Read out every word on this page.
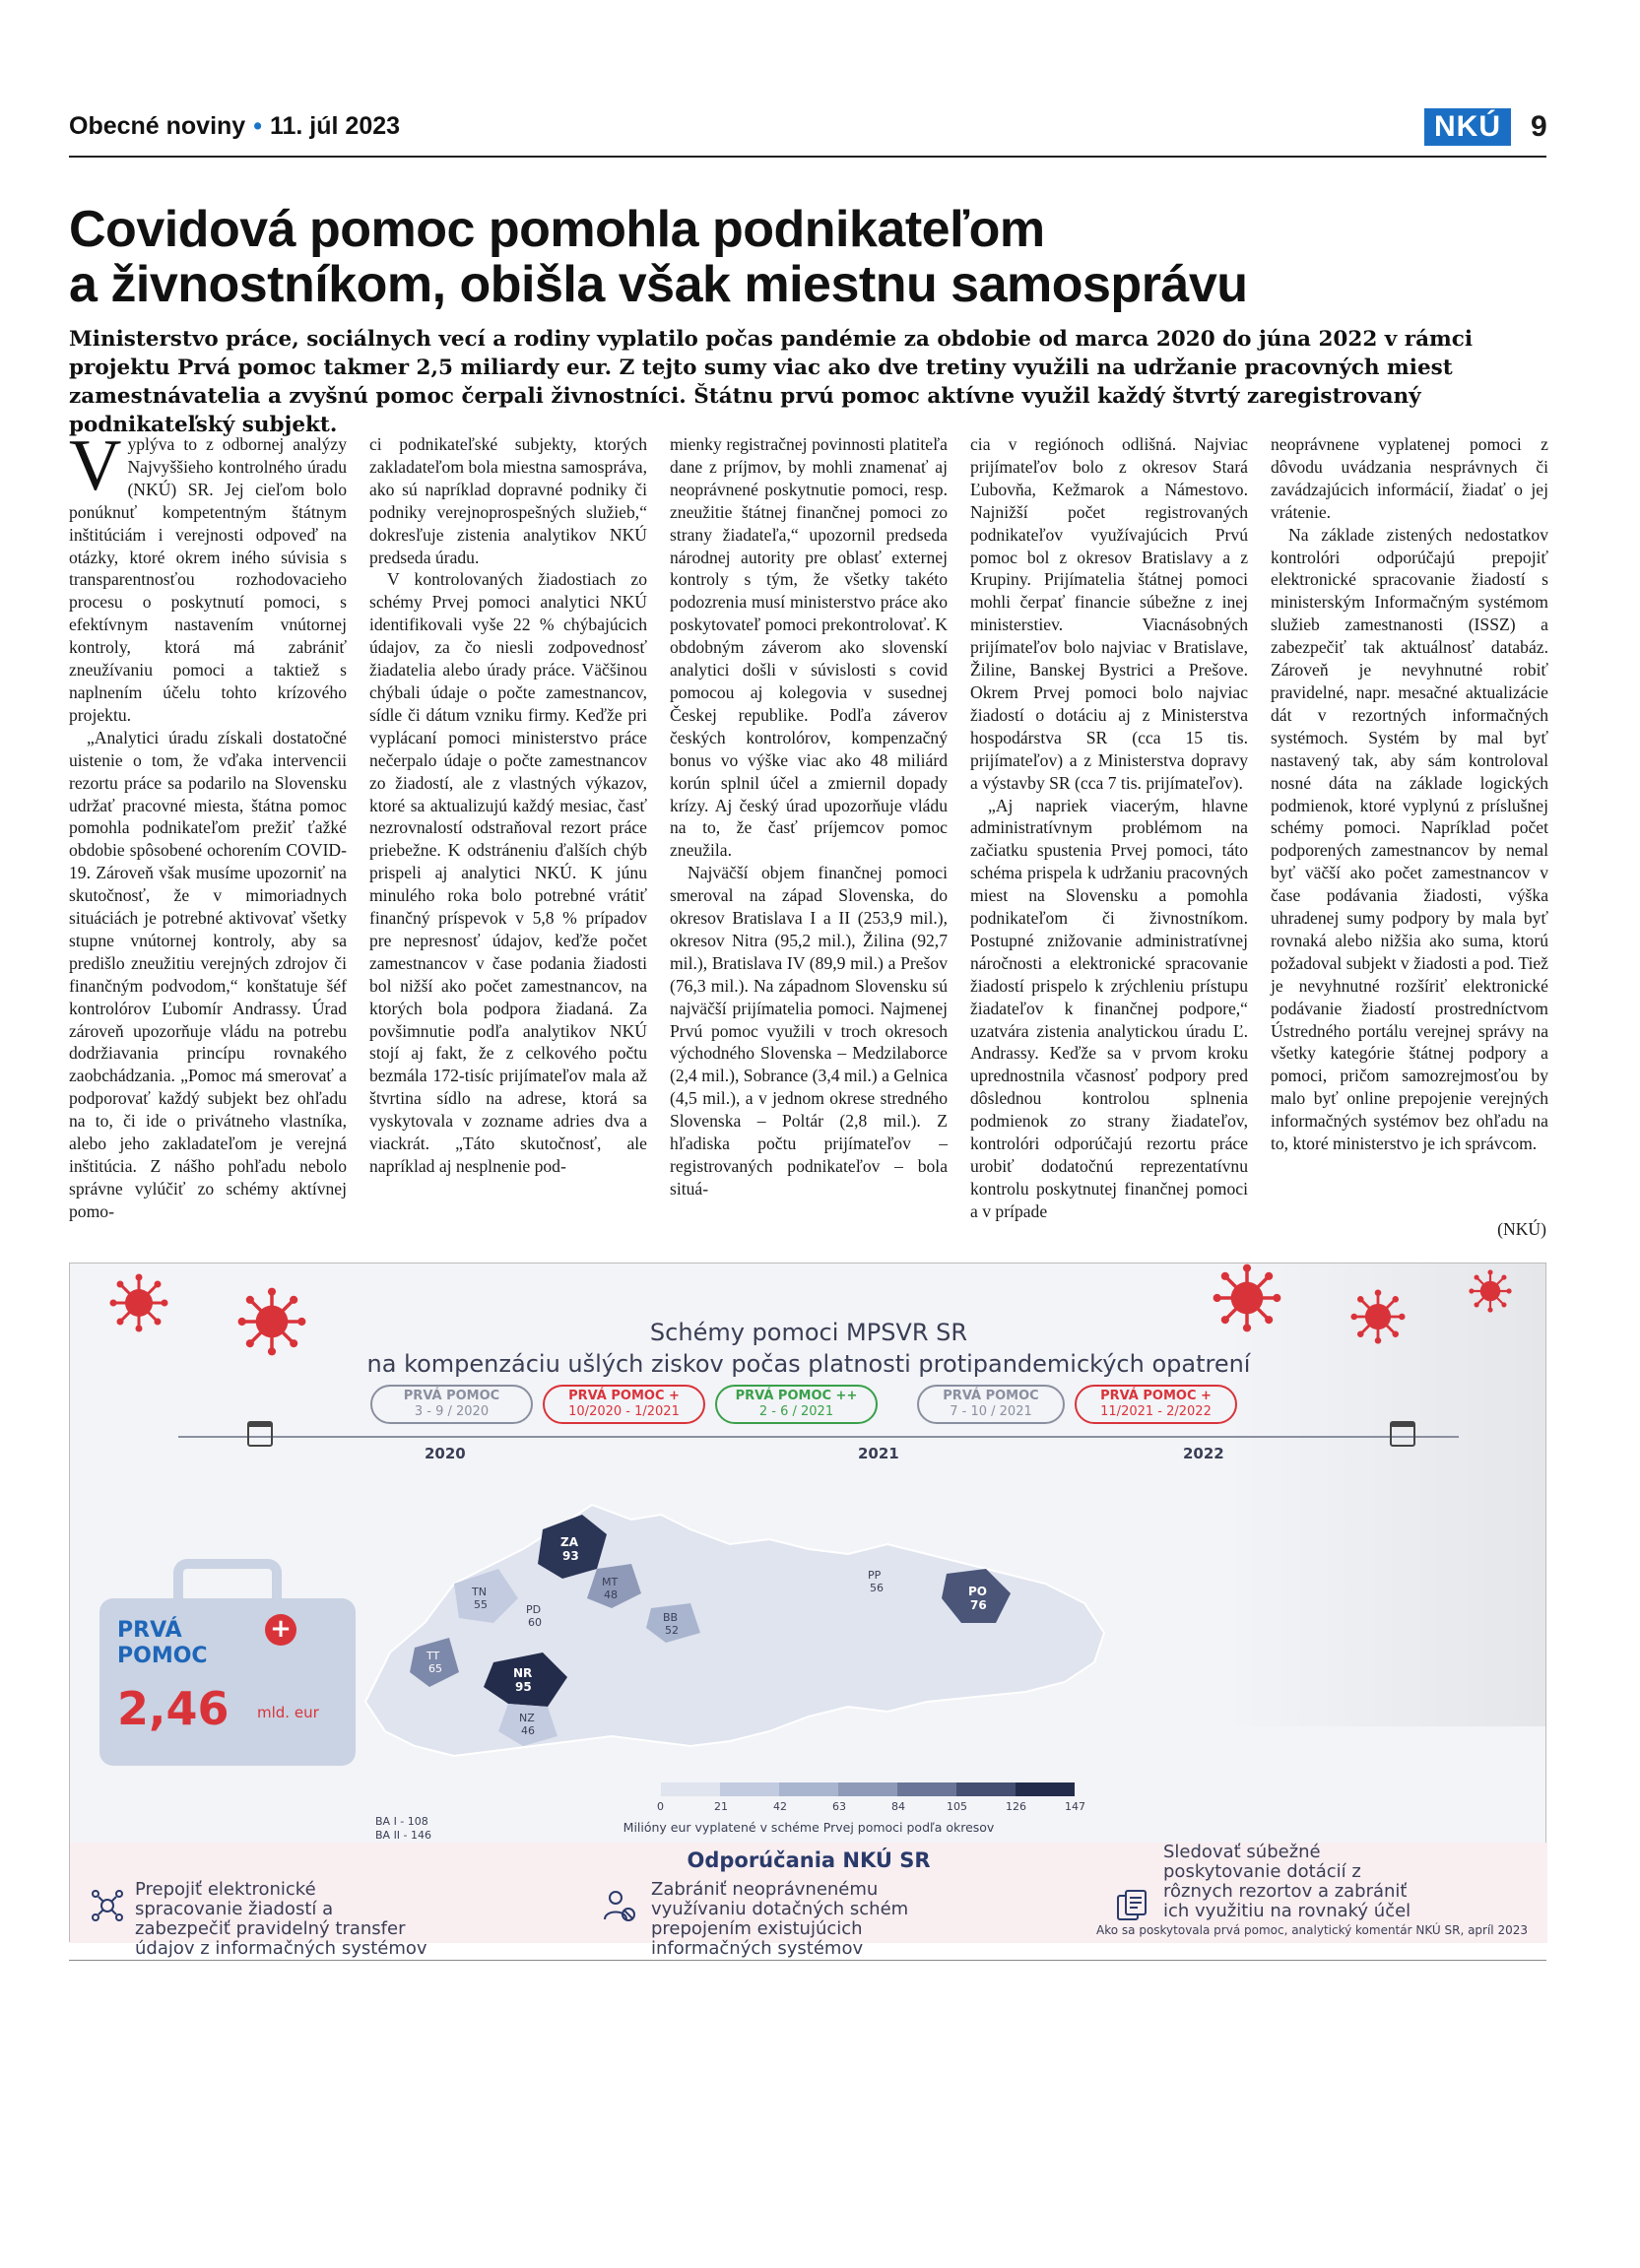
Obecné noviny • 11. júl 2023	NKÚ	9
Covidová pomoc pomohla podnikateľom
a živnostníkom, obišla však miestnu samosprávu
Ministerstvo práce, sociálnych vecí a rodiny vyplatilo počas pandémie za obdobie od marca 2020 do júna 2022 v rámci projektu Prvá pomoc takmer 2,5 miliardy eur. Z tejto sumy viac ako dve tretiny využili na udržanie pracovných miest zamestnávatelia a zvyšnú pomoc čerpali živnostníci. Štátnu prvú pomoc aktívne využil každý štvrtý zaregistrovaný podnikateľský subjekt.

Vyplýva to z odbornej analýzy Najvyššieho kontrolného úradu (NKÚ) SR. Jej cieľom bolo ponúknuť kompetentným štátnym inštitúciám i verejnosti odpoveď na otázky, ktoré okrem iného súvisia s transparentnosťou rozhodovacieho procesu o poskytnutí pomoci, s efektívnym nastavením vnútornej kontroly, ktorá má zabrániť zneužívaniu pomoci a taktiež s naplnením účelu tohto krízového projektu.

„Analytici úradu získali dostatočné uistenie o tom, že vďaka intervencii rezortu práce sa podarilo na Slovensku udržať pracovné miesta, štátna pomoc pomohla podnikateľom prežiť ťažké obdobie spôsobené ochorením COVID-19. Zároveň však musíme upozorniť na skutočnosť, že v mimoriadnych situáciách je potrebné aktivovať všetky stupne vnútornej kontroly, aby sa predišlo zneužitiu verejných zdrojov či finančným podvodom,“ konštatuje šéf kontrolórov Ľubomír Andrassy. Úrad zároveň upozorňuje vládu na potrebu dodržiavania princípu rovnakého zaobchádzania. „Pomoc má smerovať a podporovať každý subjekt bez ohľadu na to, či ide o privátneho vlastníka, alebo jeho zakladateľom je verejná inštitúcia. Z nášho pohľadu nebolo správne vylúčiť zo schémy aktívnej pomo-

ci podnikateľské subjekty, ktorých zakladateľom bola miestna samospráva, ako sú napríklad dopravné podniky či podniky verejnoprospešných služieb,“ dokresľuje zistenia analytikov NKÚ predseda úradu.

V kontrolovaných žiadostiach zo schémy Prvej pomoci analytici NKÚ identifikovali vyše 22 % chýbajúcich údajov, za čo niesli zodpovednosť žiadatelia alebo úrady práce. Väčšinou chýbali údaje o počte zamestnancov, sídle či dátum vzniku firmy. Keďže pri vyplácaní pomoci ministerstvo práce nečerpalo údaje o počte zamestnancov zo žiadostí, ale z vlastných výkazov, ktoré sa aktualizujú každý mesiac, časť nezrovnalostí odstraňoval rezort práce priebežne. K odstráneniu ďalších chýb prispeli aj analytici NKÚ. K júnu minulého roka bolo potrebné vrátiť finančný príspevok v 5,8 % prípadov pre nepresnosť údajov, keďže počet zamestnancov v čase podania žiadosti bol nižší ako počet zamestnancov, na ktorých bola podpora žiadaná. Za povšimnutie podľa analytikov NKÚ stojí aj fakt, že z celkového počtu bezmála 172-tisíc prijímateľov mala až štvrtina sídlo na adrese, ktorá sa vyskytovala v zozname adries dva a viackrát. „Táto skutočnosť, ale napríklad aj nesplnenie pod-

mienky registračnej povinnosti platiteľa dane z príjmov, by mohli znamenať aj neoprávnené poskytnutie pomoci, resp. zneužitie štátnej finančnej pomoci zo strany žiadateľa,“ upozornil predseda národnej autority pre oblasť externej kontroly s tým, že všetky takéto podozrenia musí ministerstvo práce ako poskytovateľ pomoci prekontrolovať. K obdobným záverom ako slovenskí analytici došli v súvislosti s covid pomocou aj kolegovia v susednej Českej republike. Podľa záverov českých kontrolórov, kompenzačný bonus vo výške viac ako 48 miliárd korún splnil účel a zmiernil dopady krízy. Aj český úrad upozorňuje vládu na to, že časť príjemcov pomoc zneužila.

Najväčší objem finančnej pomoci smeroval na západ Slovenska, do okresov Bratislava I a II (253,9 mil.), okresov Nitra (95,2 mil.), Žilina (92,7 mil.), Bratislava IV (89,9 mil.) a Prešov (76,3 mil.). Na západnom Slovensku sú najväčší prijímatelia pomoci. Najmenej Prvú pomoc využili v troch okresoch východného Slovenska – Medzilaborce (2,4 mil.), Sobrance (3,4 mil.) a Gelnica (4,5 mil.), a v jednom okrese stredného Slovenska – Poltár (2,8 mil.). Z hľadiska počtu prijímateľov – registrovaných podnikateľov – bola situá-

cia v regiónoch odlišná. Najviac prijímateľov bolo z okresov Stará Ľubovňa, Kežmarok a Námestovo. Najnižší počet registrovaných podnikateľov využívajúcich Prvú pomoc bol z okresov Bratislavy a z Krupiny. Prijímatelia štátnej pomoci mohli čerpať financie súbežne z inej ministerstiev. Viacnásobných prijímateľov bolo najviac v Bratislave, Žiline, Banskej Bystrici a Prešove. Okrem Prvej pomoci bolo najviac žiadostí o dotáciu aj z Ministerstva hospodárstva SR (cca 15 tis. prijímateľov) a z Ministerstva dopravy a výstavby SR (cca 7 tis. prijímateľov).

„Aj napriek viacerým, hlavne administratívnym problémom na začiatku spustenia Prvej pomoci, táto schéma prispela k udržaniu pracovných miest na Slovensku a pomohla podnikateľom či živnostníkom. Postupné znižovanie administratívnej náročnosti a elektronické spracovanie žiadostí prispelo k zrýchleniu prístupu žiadateľov k finančnej podpore,“ uzatvára zistenia analytickou úradu Ľ. Andrassy. Keďže sa v prvom kroku uprednostnila včasnosť podpory pred dôslednou kontrolou splnenia podmienok zo strany žiadateľov, kontrolóri odporúčajú rezortu práce urobiť dodatočnú reprezentatívnu kontrolu poskytnutej finančnej pomoci a v prípade

neoprávnene vyplatenej pomoci z dôvodu uvádzania nesprávnych či zavádzajúcich informácií, žiadať o jej vrátenie.

Na základe zistených nedostatkov kontrolóri odporúčajú prepojiť elektronické spracovanie žiadostí s ministerským Informačným systémom služieb zamestnanosti (ISSZ) a zabezpečiť tak aktuálnosť databáz. Zároveň je nevyhnutné robiť pravidelné, napr. mesačné aktualizácie dát v rezortných informačných systémoch. Systém by mal byť nastavený tak, aby sám kontroloval nosné dáta na základe logických podmienok, ktoré vyplynú z príslušnej schémy pomoci. Napríklad počet podporených zamestnancov by nemal byť väčší ako počet zamestnancov v čase podávania žiadosti, výška uhradenej sumy podpory by mala byť rovnaká alebo nižšia ako suma, ktorú požadoval subjekt v žiadosti a pod. Tiež je nevyhnutné rozšíriť elektronické podávanie žiadostí prostredníctvom Ústredného portálu verejnej správy na všetky kategórie štátnej podpory a pomoci, pričom samozrejmosťou by malo byť online prepojenie verejných informačných systémov bez ohľadu na to, ktoré ministerstvo je ich správcom.

(NKÚ)
Schémy pomoci MPSVR SR
na kompenzáciu ušlých ziskov počas platnosti protipandemických opatrení
PRVÁ POMOC
3 - 9 / 2020
PRVÁ POMOC +
10/2020 - 1/2021
PRVÁ POMOC ++
2 - 6 / 2021
PRVÁ POMOC
7 - 10 / 2021
PRVÁ POMOC +
11/2021 - 2/2022
2020	2021	2022
PRVÁ
POMOC
+
2,46 mld. eur
ZA
93
MT
48
TN
55	PD
60	BB
52
PP
56	PO
76
TT
65	NR
95
NZ
46
BA I - 108
BA II - 146
0	21	42	63	84	105	126	147
Milióny eur vyplatené v schéme Prvej pomoci podľa okresov
Odporúčania NKÚ SR
Prepojiť elektronické
spracovanie žiadostí a
zabezpečiť pravidelný transfer
údajov z informačných systémov
Zabrániť neoprávnenému
využívaniu dotačných schém
prepojením existujúcich
informačných systémov
Sledovať súbežné
poskytovanie dotácií z
rôznych rezortov a zabrániť
ich využitiu na rovnaký účel
Ako sa poskytovala prvá pomoc, analytický komentár NKÚ SR, apríl 2023
